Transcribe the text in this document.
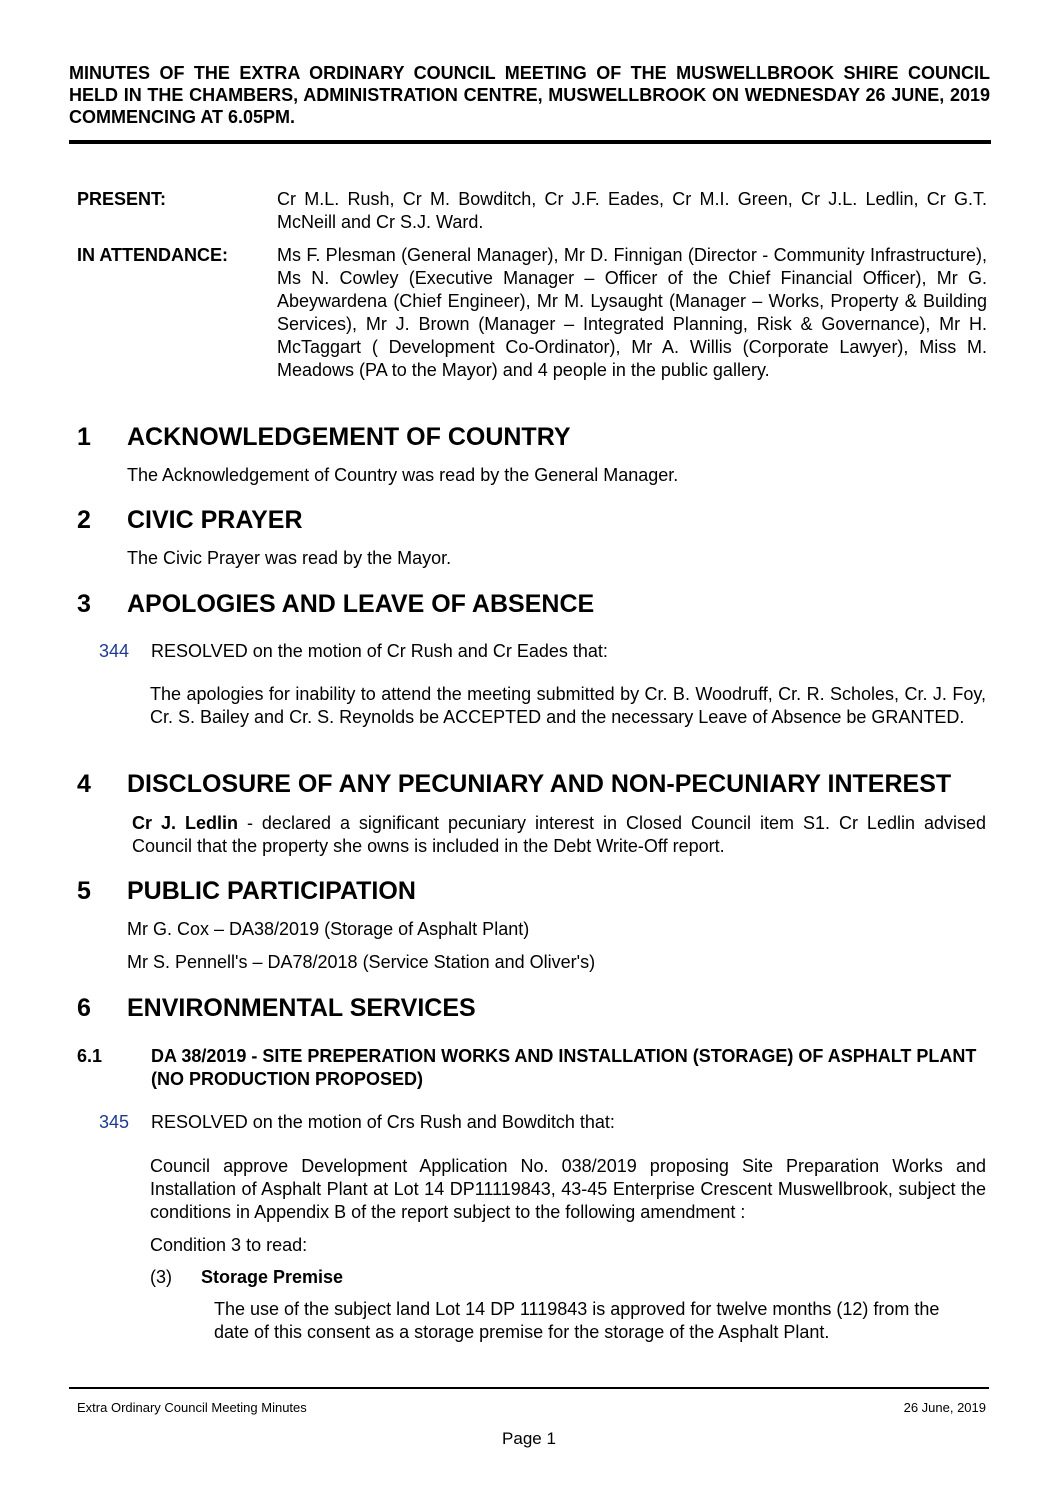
MINUTES OF THE EXTRA ORDINARY COUNCIL MEETING OF THE MUSWELLBROOK SHIRE COUNCIL HELD IN THE CHAMBERS, ADMINISTRATION CENTRE, MUSWELLBROOK ON WEDNESDAY 26 JUNE, 2019 COMMENCING AT 6.05PM.
PRESENT:	Cr M.L. Rush, Cr M. Bowditch, Cr J.F. Eades, Cr M.I. Green, Cr J.L. Ledlin, Cr G.T. McNeill and Cr S.J. Ward.
IN ATTENDANCE:	Ms F. Plesman (General Manager), Mr D. Finnigan (Director - Community Infrastructure), Ms N. Cowley (Executive Manager – Officer of the Chief Financial Officer), Mr G. Abeywardena (Chief Engineer), Mr M. Lysaught (Manager – Works, Property & Building Services), Mr J. Brown (Manager – Integrated Planning, Risk & Governance), Mr H. McTaggart ( Development Co-Ordinator), Mr A. Willis (Corporate Lawyer), Miss M. Meadows (PA to the Mayor) and 4 people in the public gallery.
1	ACKNOWLEDGEMENT OF COUNTRY
The Acknowledgement of Country was read by the General Manager.
2	CIVIC PRAYER
The Civic Prayer was read by the Mayor.
3	APOLOGIES AND LEAVE OF ABSENCE
344 RESOLVED on the motion of Cr Rush and Cr Eades that:
The apologies for inability to attend the meeting submitted by Cr. B. Woodruff, Cr. R. Scholes, Cr. J. Foy, Cr. S. Bailey and Cr. S. Reynolds be ACCEPTED and the necessary Leave of Absence be GRANTED.
4	DISCLOSURE OF ANY PECUNIARY AND NON-PECUNIARY INTEREST
Cr J. Ledlin - declared a significant pecuniary interest in Closed Council item S1. Cr Ledlin advised Council that the property she owns is included in the Debt Write-Off report.
5	PUBLIC PARTICIPATION
Mr G. Cox – DA38/2019 (Storage of Asphalt Plant)
Mr S. Pennell's – DA78/2018 (Service Station and Oliver's)
6	ENVIRONMENTAL SERVICES
6.1	DA 38/2019 - SITE PREPERATION WORKS AND INSTALLATION (STORAGE) OF ASPHALT PLANT (NO PRODUCTION PROPOSED)
345 RESOLVED on the motion of Crs Rush and Bowditch that:
Council approve Development Application No. 038/2019 proposing Site Preparation Works and Installation of Asphalt Plant at Lot 14 DP11119843, 43-45 Enterprise Crescent Muswellbrook, subject the conditions in Appendix B of the report subject to the following amendment :
Condition 3 to read:
(3) Storage Premise
The use of the subject land Lot 14 DP 1119843 is approved for twelve months (12) from the date of this consent as a storage premise for the storage of the Asphalt Plant.
Extra Ordinary Council Meeting Minutes	26 June, 2019
Page 1
